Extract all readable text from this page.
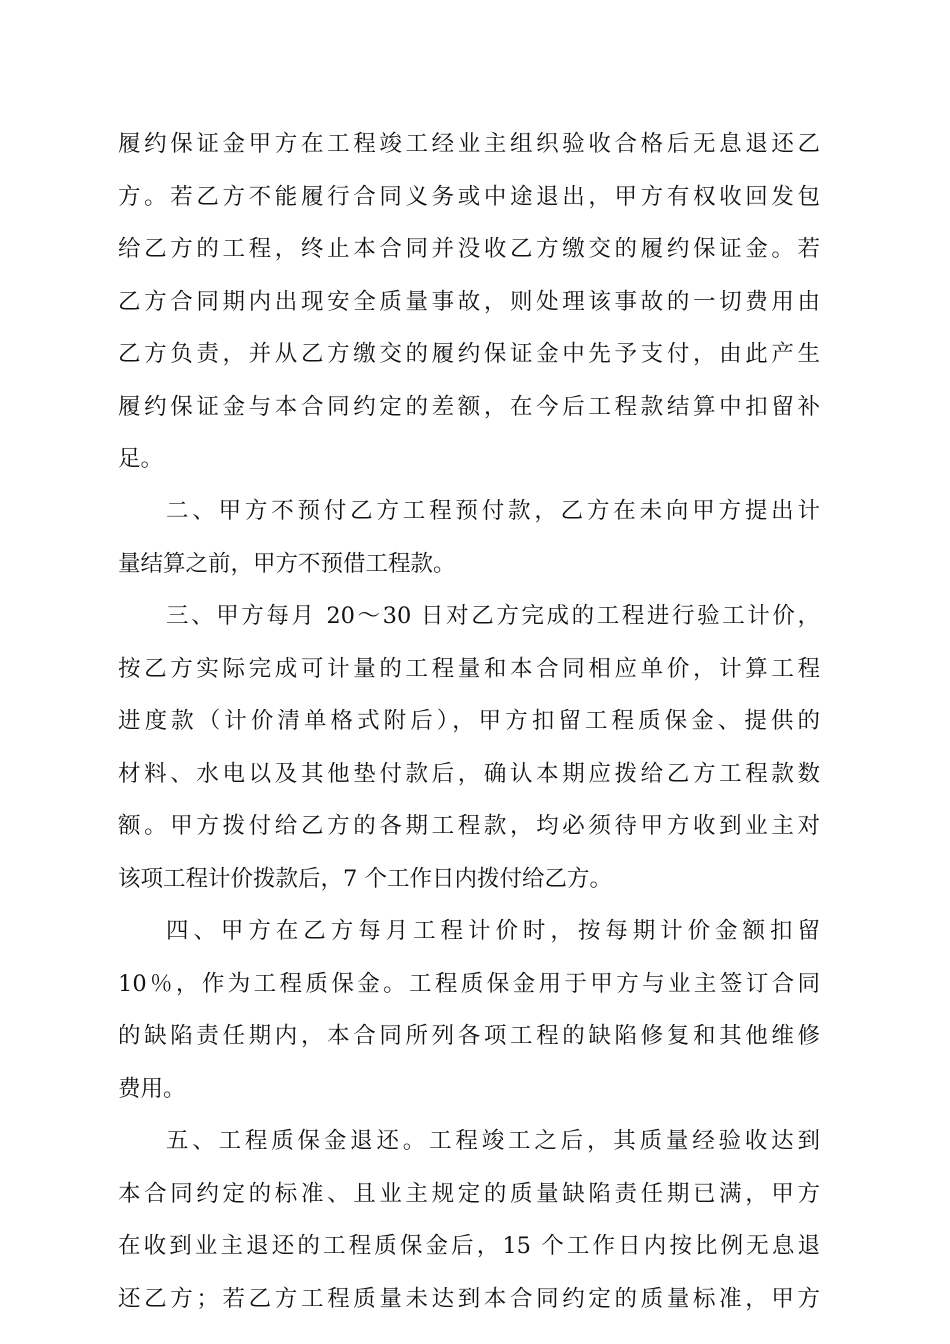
履约保证金甲方在工程竣工经业主组织验收合格后无息退还乙
方。若乙方不能履行合同义务或中途退出，甲方有权收回发包
给乙方的工程，终止本合同并没收乙方缴交的履约保证金。若
乙方合同期内出现安全质量事故，则处理该事故的一切费用由
乙方负责，并从乙方缴交的履约保证金中先予支付，由此产生
履约保证金与本合同约定的差额，在今后工程款结算中扣留补
足。
二、甲方不预付乙方工程预付款，乙方在未向甲方提出计
量结算之前，甲方不预借工程款。
三、甲方每月 20～30 日对乙方完成的工程进行验工计价，
按乙方实际完成可计量的工程量和本合同相应单价，计算工程
进度款（计价清单格式附后），甲方扣留工程质保金、提供的
材料、水电以及其他垫付款后，确认本期应拨给乙方工程款数
额。甲方拨付给乙方的各期工程款，均必须待甲方收到业主对
该项工程计价拨款后，7 个工作日内拨付给乙方。
四、甲方在乙方每月工程计价时，按每期计价金额扣留
10％，作为工程质保金。工程质保金用于甲方与业主签订合同
的缺陷责任期内，本合同所列各项工程的缺陷修复和其他维修
费用。
五、工程质保金退还。工程竣工之后，其质量经验收达到
本合同约定的标准、且业主规定的质量缺陷责任期已满，甲方
在收到业主退还的工程质保金后，15 个工作日内按比例无息退
还乙方；若乙方工程质量未达到本合同约定的质量标准，甲方
